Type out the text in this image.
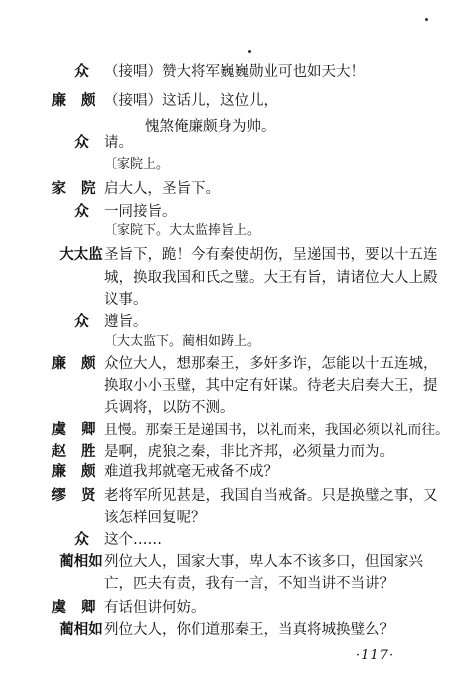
众 （接唱）赞大将军巍巍勋业可也如天大！
廉 颇 （接唱）这话儿，这位儿，
愧煞俺廉颇身为帅。
众 请。
〔家院上。
家 院 启大人，圣旨下。
众 一同接旨。
〔家院下。大太监捧旨上。
大太监 圣旨下，跪！今有秦使胡伤，呈递国书，要以十五连
城，换取我国和氏之璧。大王有旨，请诸位大人上殿
议事。
众 遵旨。
〔大太监下。蔺相如踌上。
廉 颇 众位大人，想那秦王，多奸多诈，怎能以十五连城，
换取小小玉璧，其中定有奸谋。待老夫启奏大王，提
兵调将，以防不测。
虞 卿 且慢。那秦王是递国书，以礼而来，我国必须以礼而往。
赵 胜 是啊，虎狼之秦，非比齐邦，必须量力而为。
廉 颇 难道我邦就毫无戒备不成？
缪 贤 老将军所见甚是，我国自当戒备。只是换璧之事，又
该怎样回复呢？
众 这个……
蔺相如 列位大人，国家大事，卑人本不该多口，但国家兴
亡，匹夫有责，我有一言，不知当讲不当讲？
虞 卿 有话但讲何妨。
蔺相如 列位大人，你们道那秦王，当真将城换璧么？
·117·
